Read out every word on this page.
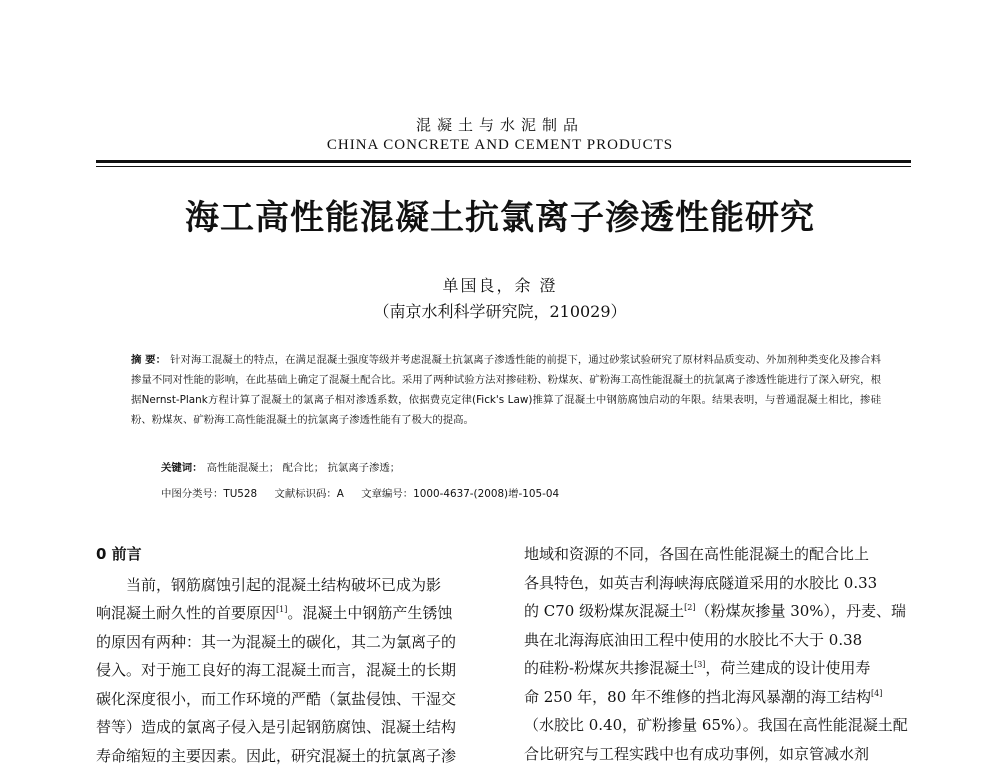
混凝土与水泥制品
CHINA CONCRETE AND CEMENT PRODUCTS
海工高性能混凝土抗氯离子渗透性能研究
单国良，余 澄
（南京水利科学研究院，210029）
摘 要： 针对海工混凝土的特点，在满足混凝土强度等级并考虑混凝土抗氯离子渗透性能的前提下，通过砂浆试验研究了原材料品质变动、外加剂种类变化及掺合料掺量不同对性能的影响，在此基础上确定了混凝土配合比。采用了两种试验方法对掺硅粉、粉煤灰、矿粉海工高性能混凝土的抗氯离子渗透性能进行了深入研究，根据Nernst-Plank方程计算了混凝土的氯离子相对渗透系数，依据费克定律(Fick's Law)推算了混凝土中钢筋腐蚀启动的年限。结果表明，与普通混凝土相比，掺硅粉、粉煤灰、矿粉海工高性能混凝土的抗氯离子渗透性能有了极大的提高。
关键词： 高性能混凝土； 配合比； 抗氯离子渗透；
中图分类号：TU528 文献标识码：A 文章编号：1000-4637-(2008)增-105-04
0 前言
当前，钢筋腐蚀引起的混凝土结构破坏已成为影
响混凝土耐久性的首要原因[1]。混凝土中钢筋产生锈蚀
的原因有两种：其一为混凝土的碳化，其二为氯离子的
侵入。对于施工良好的海工混凝土而言，混凝土的长期
碳化深度很小，而工作环境的严酷（氯盐侵蚀、干湿交
替等）造成的氯离子侵入是引起钢筋腐蚀、混凝土结构
寿命缩短的主要因素。因此，研究混凝土的抗氯离子渗
地域和资源的不同，各国在高性能混凝土的配合比上
各具特色，如英吉利海峡海底隧道采用的水胶比 0.33
的 C70 级粉煤灰混凝土[2]（粉煤灰掺量 30%），丹麦、瑞
典在北海海底油田工程中使用的水胶比不大于 0.38
的硅粉-粉煤灰共掺混凝土[3]，荷兰建成的设计使用寿
命 250 年，80 年不维修的挡北海风暴潮的海工结构[4]
（水胶比 0.40，矿粉掺量 65%）。我国在高性能混凝土配
合比研究与工程实践中也有成功事例，如京管减水剂
